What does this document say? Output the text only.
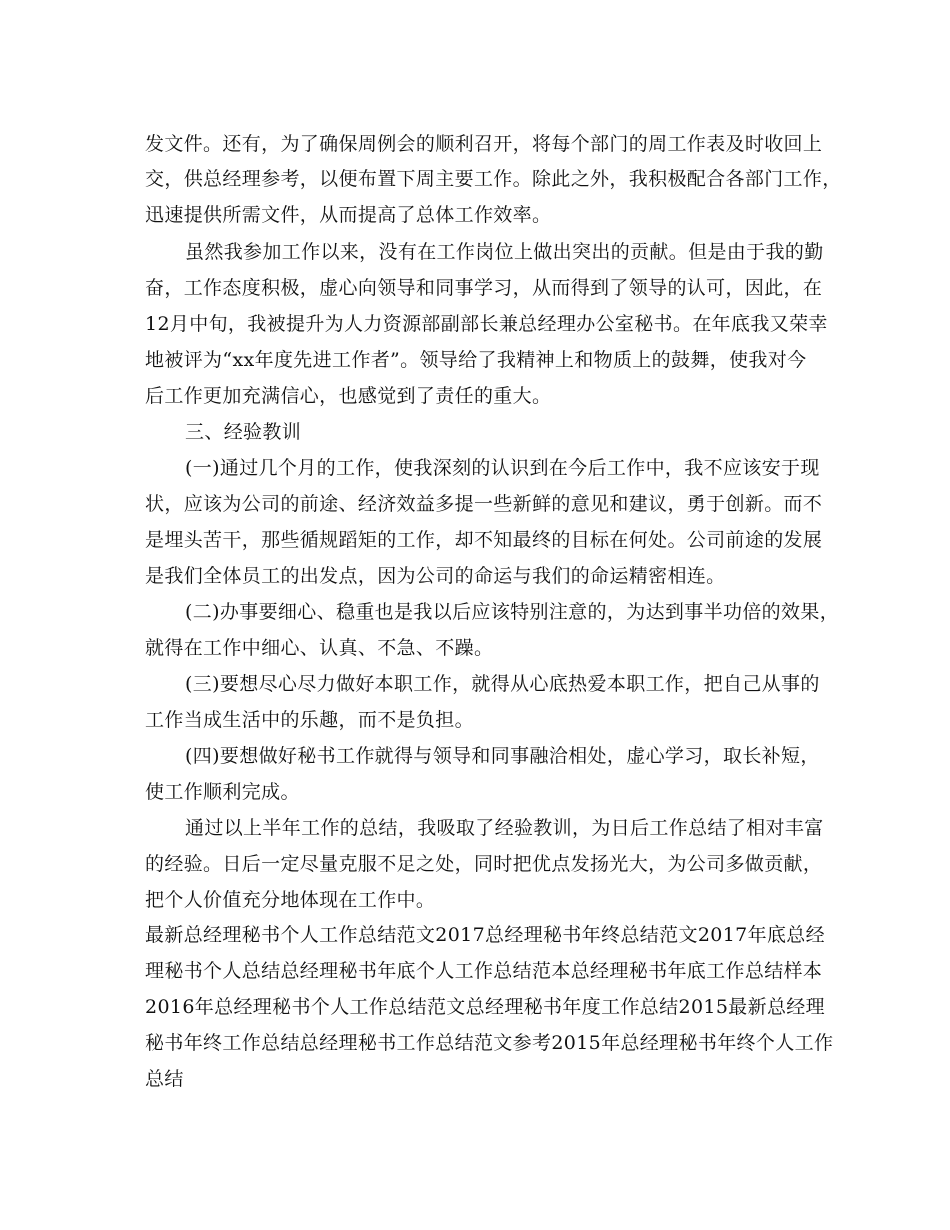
发文件。还有，为了确保周例会的顺利召开，将每个部门的周工作表及时收回上
交，供总经理参考，以便布置下周主要工作。除此之外，我积极配合各部门工作，
迅速提供所需文件，从而提高了总体工作效率。
虽然我参加工作以来，没有在工作岗位上做出突出的贡献。但是由于我的勤
奋，工作态度积极，虚心向领导和同事学习，从而得到了领导的认可，因此，在
12月中旬，我被提升为人力资源部副部长兼总经理办公室秘书。在年底我又荣幸
地被评为“xx年度先进工作者”。领导给了我精神上和物质上的鼓舞，使我对今
后工作更加充满信心，也感觉到了责任的重大。
三、经验教训
(一)通过几个月的工作，使我深刻的认识到在今后工作中，我不应该安于现
状，应该为公司的前途、经济效益多提一些新鲜的意见和建议，勇于创新。而不
是埋头苦干，那些循规蹈矩的工作，却不知最终的目标在何处。公司前途的发展
是我们全体员工的出发点，因为公司的命运与我们的命运精密相连。
(二)办事要细心、稳重也是我以后应该特别注意的，为达到事半功倍的效果，
就得在工作中细心、认真、不急、不躁。
(三)要想尽心尽力做好本职工作，就得从心底热爱本职工作，把自己从事的
工作当成生活中的乐趣，而不是负担。
(四)要想做好秘书工作就得与领导和同事融洽相处，虚心学习，取长补短，
使工作顺利完成。
通过以上半年工作的总结，我吸取了经验教训，为日后工作总结了相对丰富
的经验。日后一定尽量克服不足之处，同时把优点发扬光大，为公司多做贡献，
把个人价值充分地体现在工作中。
最新总经理秘书个人工作总结范文2017总经理秘书年终总结范文2017年底总经
理秘书个人总结总经理秘书年底个人工作总结范本总经理秘书年底工作总结样本
2016年总经理秘书个人工作总结范文总经理秘书年度工作总结2015最新总经理
秘书年终工作总结总经理秘书工作总结范文参考2015年总经理秘书年终个人工作
总结
